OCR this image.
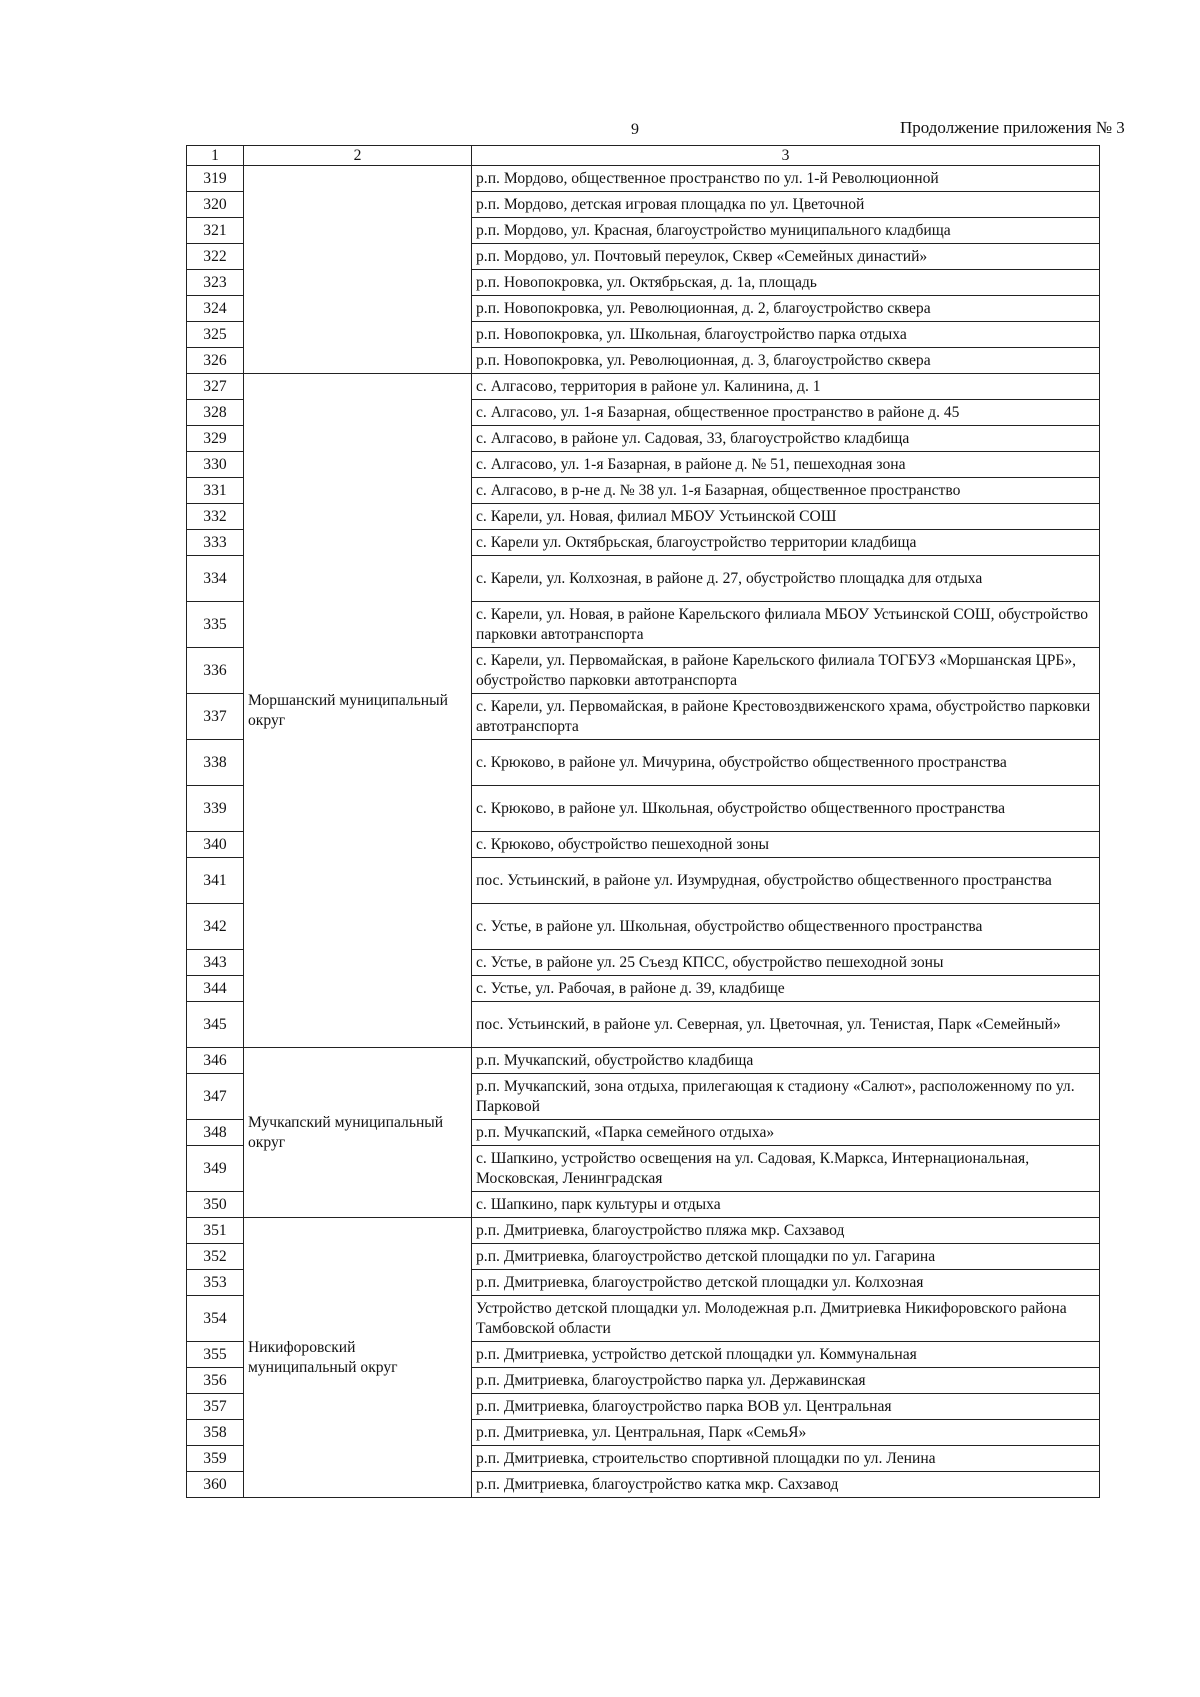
9	Продолжение приложения № 3
1	2	3
319		р.п. Мордово, общественное пространство по ул. 1-й Революционной
320		р.п. Мордово, детская игровая площадка по ул. Цветочной
321		р.п. Мордово, ул. Красная, благоустройство муниципального кладбища
322		р.п. Мордово, ул. Почтовый переулок, Сквер «Семейных династий»
323		р.п. Новопокровка, ул. Октябрьская, д. 1а, площадь
324		р.п. Новопокровка, ул. Революционная, д. 2, благоустройство сквера
325		р.п. Новопокровка, ул. Школьная, благоустройство парка отдыха
326		р.п. Новопокровка, ул. Революционная, д. 3, благоустройство сквера
327	Моршанский муниципальный округ	с. Алгасово, территория в районе ул. Калинина, д. 1
328		с. Алгасово, ул. 1-я Базарная, общественное пространство в районе д. 45
329		с. Алгасово, в районе ул. Садовая, 33, благоустройство кладбища
330		с. Алгасово, ул. 1-я Базарная, в районе д. № 51, пешеходная зона
331		с. Алгасово, в р-не д. № 38 ул. 1-я Базарная, общественное пространство
332		с. Карели, ул. Новая, филиал МБОУ Устьинской СОШ
333		с. Карели ул. Октябрьская, благоустройство территории кладбища
334		с. Карели, ул. Колхозная, в районе д. 27, обустройство площадка для отдыха
335		с. Карели, ул. Новая, в районе Карельского филиала МБОУ Устьинской СОШ, обустройство парковки автотранспорта
336		с. Карели, ул. Первомайская, в районе Карельского филиала ТОГБУЗ «Моршанская ЦРБ», обустройство парковки автотранспорта
337		с. Карели, ул. Первомайская, в районе Крестовоздвиженского храма, обустройство парковки автотранспорта
338		с. Крюково, в районе ул. Мичурина, обустройство общественного пространства
339		с. Крюково, в районе ул. Школьная, обустройство общественного пространства
340		с. Крюково, обустройство пешеходной зоны
341		пос. Устьинский, в районе ул. Изумрудная, обустройство общественного пространства
342		с. Устье, в районе ул. Школьная, обустройство общественного пространства
343		с. Устье, в районе ул. 25 Съезд КПСС, обустройство пешеходной зоны
344		с. Устье, ул. Рабочая, в районе д. 39, кладбище
345		пос. Устьинский, в районе ул. Северная, ул. Цветочная, ул. Тенистая, Парк «Семейный»
346	Мучкапский муниципальный округ	р.п. Мучкапский, обустройство кладбища
347		р.п. Мучкапский, зона отдыха, прилегающая к стадиону «Салют», расположенному по ул. Парковой
348		р.п. Мучкапский, «Парка семейного отдыха»
349		с. Шапкино, устройство освещения на ул. Садовая, К.Маркса, Интернациональная, Московская, Ленинградская
350		с. Шапкино, парк культуры и отдыха
351	Никифоровский муниципальный округ	р.п. Дмитриевка, благоустройство пляжа мкр. Сахзавод
352		р.п. Дмитриевка, благоустройство детской площадки по ул. Гагарина
353		р.п. Дмитриевка, благоустройство детской площадки ул. Колхозная
354		Устройство детской площадки ул. Молодежная р.п. Дмитриевка Никифоровского района Тамбовской области
355		р.п. Дмитриевка, устройство детской площадки ул. Коммунальная
356		р.п. Дмитриевка, благоустройство парка ул. Державинская
357		р.п. Дмитриевка, благоустройство парка ВОВ ул. Центральная
358		р.п. Дмитриевка, ул. Центральная, Парк «СемьЯ»
359		р.п. Дмитриевка, строительство спортивной площадки по ул. Ленина
360		р.п. Дмитриевка, благоустройство катка мкр. Сахзавод
